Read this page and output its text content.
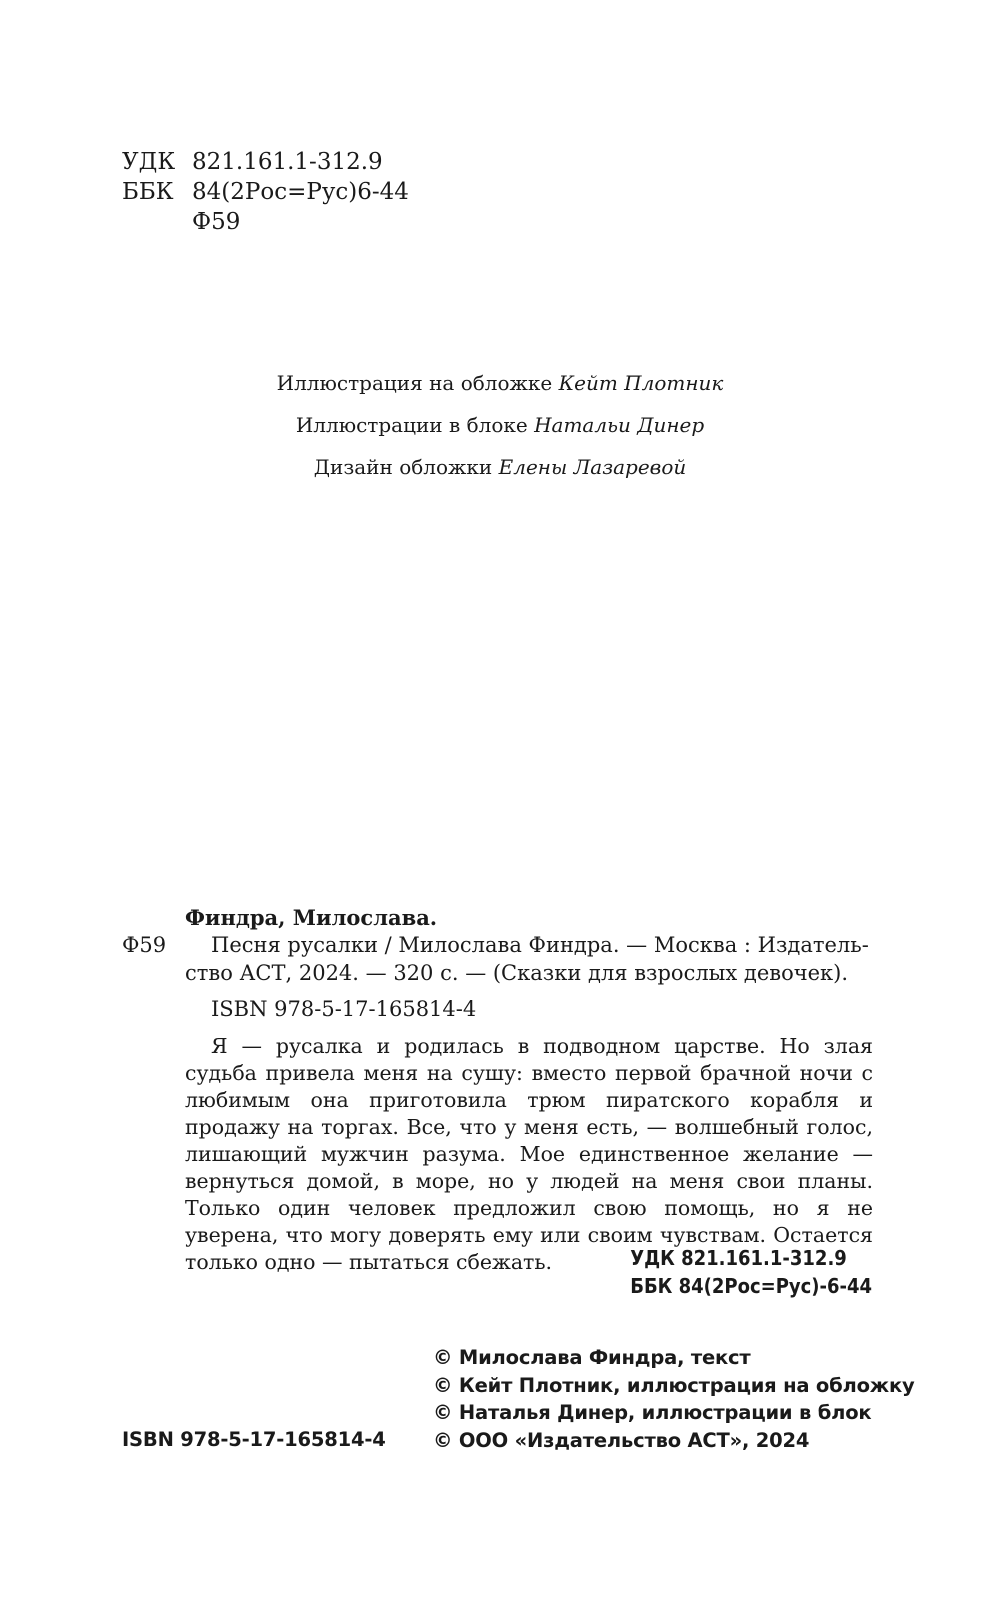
УДК 821.161.1-312.9
ББК 84(2Рос=Рус)6-44
Ф59
Иллюстрация на обложке Кейт Плотник
Иллюстрации в блоке Натальи Динер
Дизайн обложки Елены Лазаревой
Финдра, Милослава.
Ф59 Песня русалки / Милослава Финдра. — Москва : Издатель-
ство АСТ, 2024. — 320 с. — (Сказки для взрослых девочек).
ISBN 978-5-17-165814-4
Я — русалка и родилась в подводном царстве. Но злая судьба привела меня на сушу: вместо первой брачной ночи с любимым она приготовила трюм пиратского корабля и продажу на торгах. Все, что у меня есть, — волшебный голос, лишающий мужчин разума. Мое единственное желание — вернуться домой, в море, но у людей на меня свои планы. Только один человек предложил свою помощь, но я не уверена, что могу доверять ему или своим чувствам. Остается только одно — пытаться сбежать.	УДК 821.161.1-312.9
ББК 84(2Рос=Рус)-6-44
ISBN 978-5-17-165814-4
© Милослава Финдра, текст
© Кейт Плотник, иллюстрация на обложку
© Наталья Динер, иллюстрации в блок
© ООО «Издательство АСТ», 2024
